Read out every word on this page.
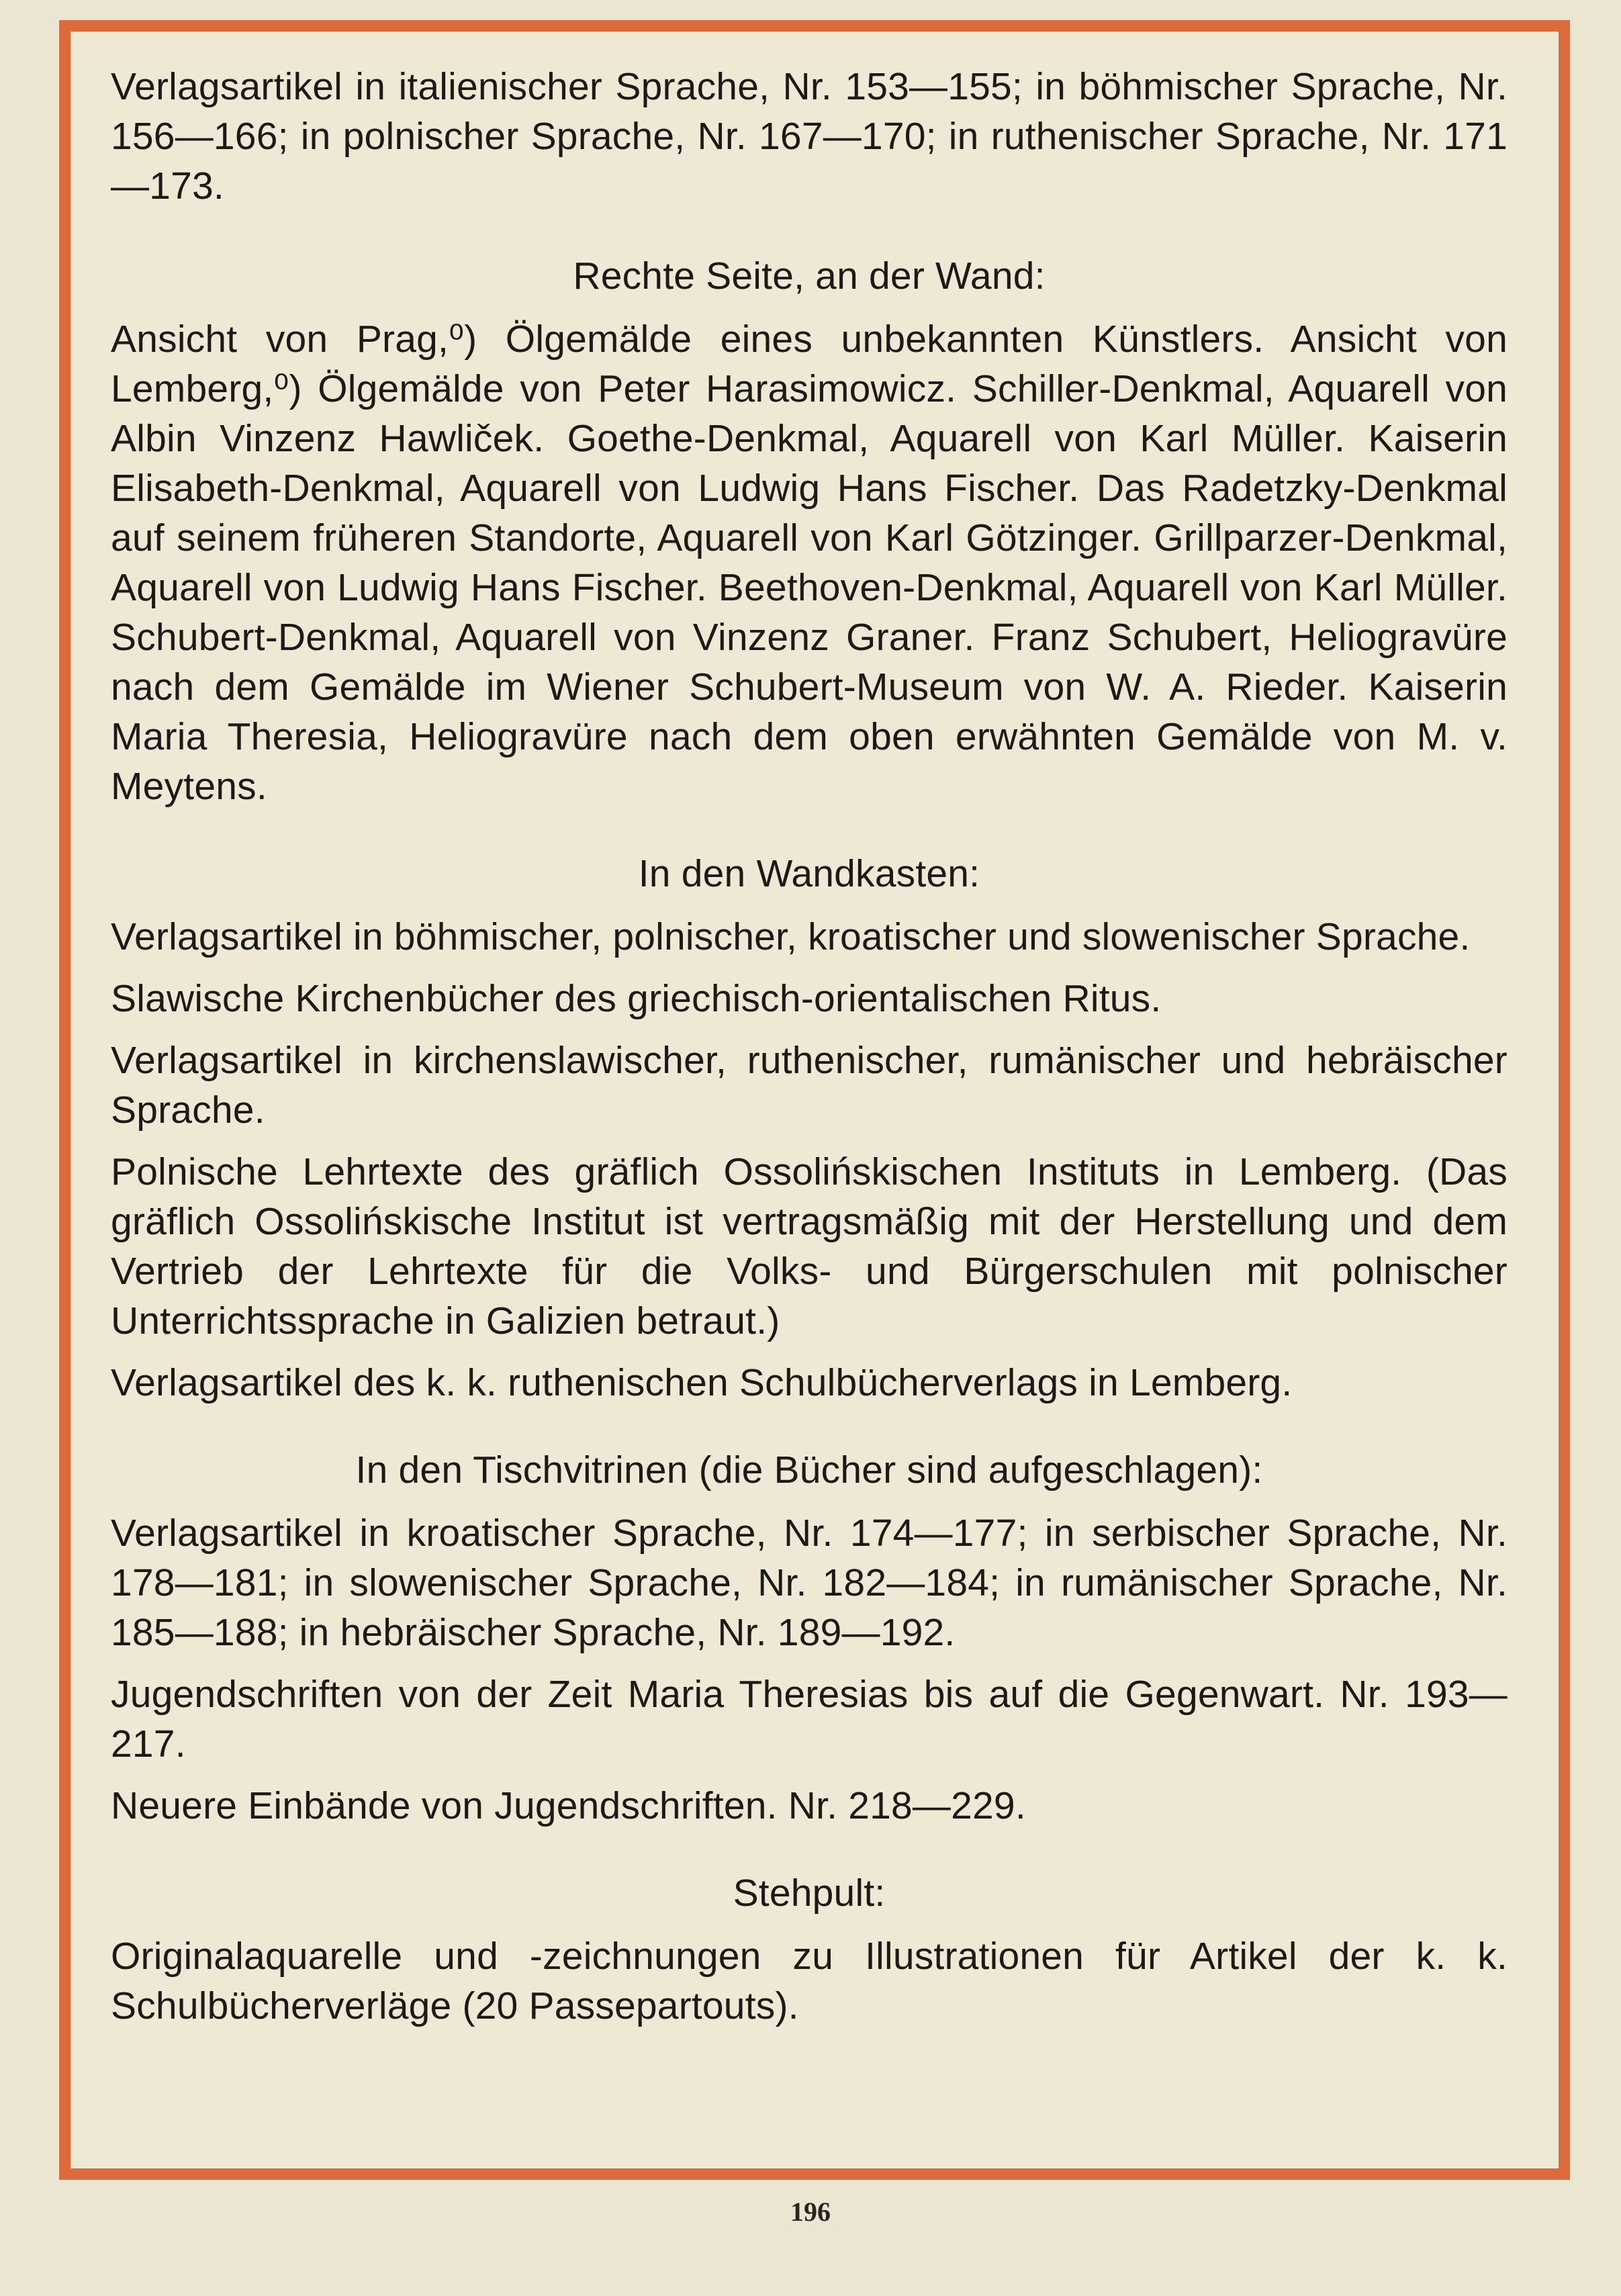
Verlagsartikel in italienischer Sprache, Nr. 153—155; in böhmischer Sprache, Nr. 156—166; in polnischer Sprache, Nr. 167—170; in ruthenischer Sprache, Nr. 171—173.

Rechte Seite, an der Wand:

Ansicht von Prag,⁰) Ölgemälde eines unbekannten Künstlers. Ansicht von Lemberg,⁰) Ölgemälde von Peter Harasimowicz. Schiller-Denkmal, Aquarell von Albin Vinzenz Hawliček. Goethe-Denkmal, Aquarell von Karl Müller. Kaiserin Elisabeth-Denkmal, Aquarell von Ludwig Hans Fischer. Das Radetzky-Denkmal auf seinem früheren Standorte, Aquarell von Karl Götzinger. Grillparzer-Denkmal, Aquarell von Ludwig Hans Fischer. Beethoven-Denkmal, Aquarell von Karl Müller. Schubert-Denkmal, Aquarell von Vinzenz Graner. Franz Schubert, Heliogravüre nach dem Gemälde im Wiener Schubert-Museum von W. A. Rieder. Kaiserin Maria Theresia, Heliogravüre nach dem oben erwähnten Gemälde von M. v. Meytens.

In den Wandkasten:

Verlagsartikel in böhmischer, polnischer, kroatischer und slowenischer Sprache.

Slawische Kirchenbücher des griechisch-orientalischen Ritus.

Verlagsartikel in kirchenslawischer, ruthenischer, rumänischer und hebräischer Sprache.

Polnische Lehrtexte des gräflich Ossolińskischen Instituts in Lemberg. (Das gräflich Ossolińskische Institut ist vertragsmäßig mit der Herstellung und dem Vertrieb der Lehrtexte für die Volks- und Bürgerschulen mit polnischer Unterrichtssprache in Galizien betraut.)

Verlagsartikel des k. k. ruthenischen Schulbücherverlags in Lemberg.

In den Tischvitrinen (die Bücher sind aufgeschlagen):

Verlagsartikel in kroatischer Sprache, Nr. 174—177; in serbischer Sprache, Nr. 178—181; in slowenischer Sprache, Nr. 182—184; in rumänischer Sprache, Nr. 185—188; in hebräischer Sprache, Nr. 189—192.

Jugendschriften von der Zeit Maria Theresias bis auf die Gegenwart. Nr. 193—217.

Neuere Einbände von Jugendschriften. Nr. 218—229.

Stehpult:

Originalaquarelle und -zeichnungen zu Illustrationen für Artikel der k. k. Schulbücherverläge (20 Passepartouts).

196
